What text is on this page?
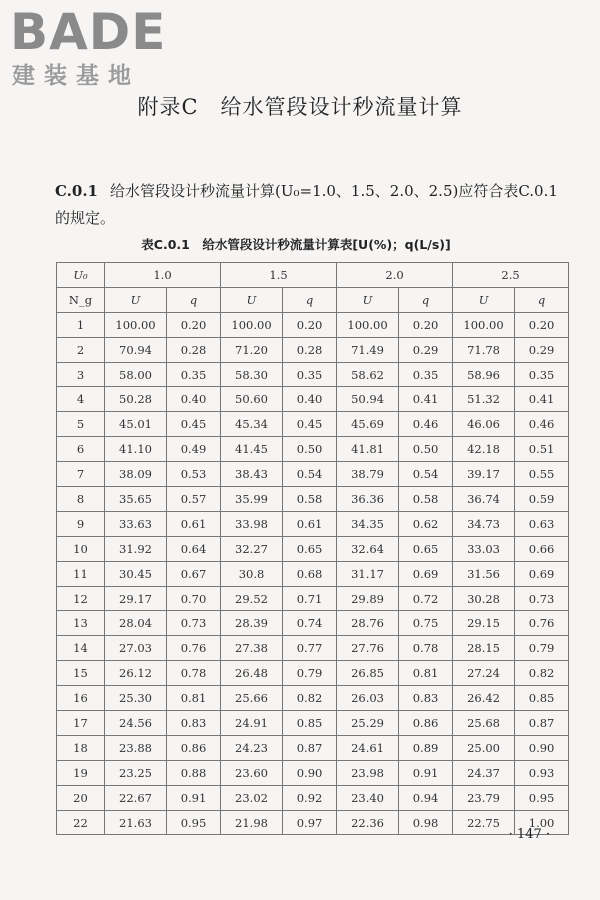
BADE
建装基地
附录C　给水管段设计秒流量计算
C.0.1 给水管段设计秒流量计算(U₀=1.0、1.5、2.0、2.5)应符合表C.0.1的规定。
表C.0.1　给水管段设计秒流量计算表[U(%)；q(L/s)]
U₀	1.0		1.5		2.0		2.5	
N_g	U	q	U	q	U	q	U	q
1	100.00	0.20	100.00	0.20	100.00	0.20	100.00	0.20
2	70.94	0.28	71.20	0.28	71.49	0.29	71.78	0.29
3	58.00	0.35	58.30	0.35	58.62	0.35	58.96	0.35
4	50.28	0.40	50.60	0.40	50.94	0.41	51.32	0.41
5	45.01	0.45	45.34	0.45	45.69	0.46	46.06	0.46
6	41.10	0.49	41.45	0.50	41.81	0.50	42.18	0.51
7	38.09	0.53	38.43	0.54	38.79	0.54	39.17	0.55
8	35.65	0.57	35.99	0.58	36.36	0.58	36.74	0.59
9	33.63	0.61	33.98	0.61	34.35	0.62	34.73	0.63
10	31.92	0.64	32.27	0.65	32.64	0.65	33.03	0.66
11	30.45	0.67	30.8	0.68	31.17	0.69	31.56	0.69
12	29.17	0.70	29.52	0.71	29.89	0.72	30.28	0.73
13	28.04	0.73	28.39	0.74	28.76	0.75	29.15	0.76
14	27.03	0.76	27.38	0.77	27.76	0.78	28.15	0.79
15	26.12	0.78	26.48	0.79	26.85	0.81	27.24	0.82
16	25.30	0.81	25.66	0.82	26.03	0.83	26.42	0.85
17	24.56	0.83	24.91	0.85	25.29	0.86	25.68	0.87
18	23.88	0.86	24.23	0.87	24.61	0.89	25.00	0.90
19	23.25	0.88	23.60	0.90	23.98	0.91	24.37	0.93
20	22.67	0.91	23.02	0.92	23.40	0.94	23.79	0.95
22	21.63	0.95	21.98	0.97	22.36	0.98	22.75	1.00
· 147 ·
